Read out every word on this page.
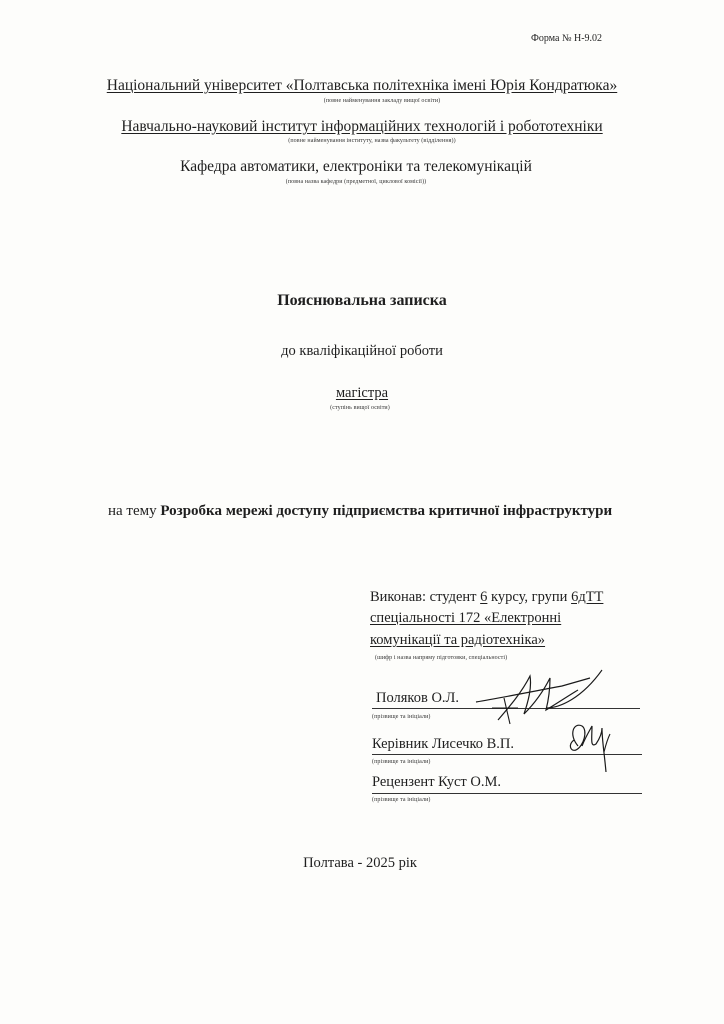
Форма № Н-9.02
Національний університет «Полтавська політехніка імені Юрія Кондратюка»
(повне найменування закладу вищої освіти)
Навчально-науковий інститут інформаційних технологій і робототехніки
(повне найменування інституту, назва факультету (відділення))
Кафедра автоматики, електроніки та телекомунікацій
(повна назва кафедри (предметної, циклової комісії))
Пояснювальна записка
до кваліфікаційної роботи
магістра
(ступінь вищої освіти)
на тему Розробка мережі доступу підприємства критичної інфраструктури
Виконав: студент 6 курсу, групи 6дТТ
спеціальності 172 «Електронні
комунікації та радіотехніка»
(шифр і назва напряму підготовки, спеціальності)
Поляков О.Л.
(прізвище та ініціали)
Керівник Лисечко В.П.
(прізвище та ініціали)
Рецензент Куст О.М.
(прізвище та ініціали)
Полтава - 2025 рік
